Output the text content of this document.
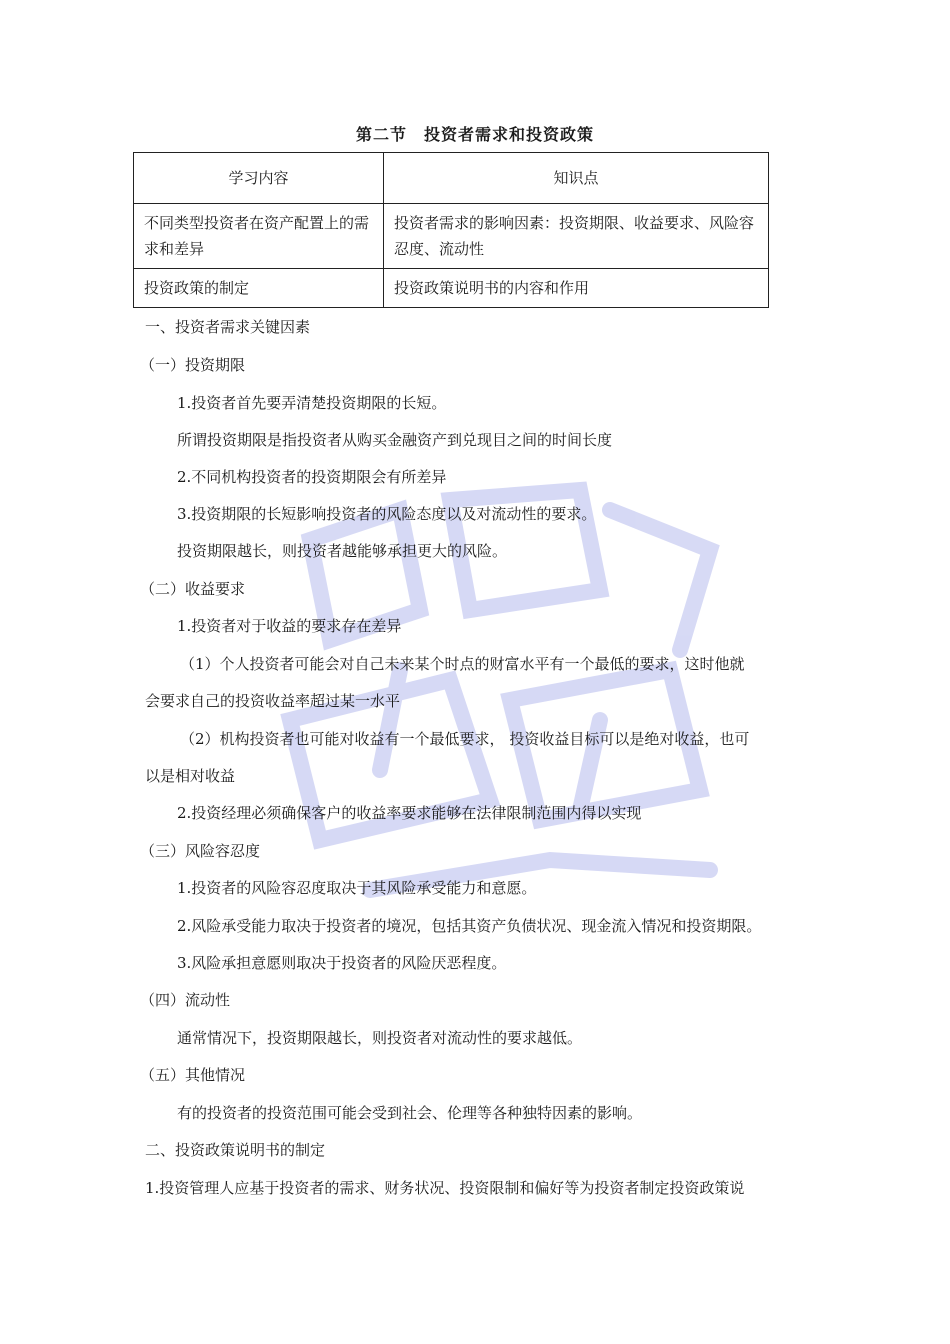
第二节　投资者需求和投资政策
学习内容	知识点
不同类型投资者在资产配置上的需求和差异	投资者需求的影响因素：投资期限、收益要求、风险容忍度、流动性
投资政策的制定	投资政策说明书的内容和作用
一、投资者需求关键因素
（一）投资期限
1.投资者首先要弄清楚投资期限的长短。
所谓投资期限是指投资者从购买金融资产到兑现目之间的时间长度
2.不同机构投资者的投资期限会有所差异
3.投资期限的长短影响投资者的风险态度以及对流动性的要求。
投资期限越长，则投资者越能够承担更大的风险。
（二）收益要求
1.投资者对于收益的要求存在差异
（1）个人投资者可能会对自己未来某个时点的财富水平有一个最低的要求，这时他就
会要求自己的投资收益率超过某一水平
（2）机构投资者也可能对收益有一个最低要求， 投资收益目标可以是绝对收益，也可
以是相对收益
2.投资经理必须确保客户的收益率要求能够在法律限制范围内得以实现
（三）风险容忍度
1.投资者的风险容忍度取决于其风险承受能力和意愿。
2.风险承受能力取决于投资者的境况，包括其资产负债状况、现金流入情况和投资期限。
3.风险承担意愿则取决于投资者的风险厌恶程度。
（四）流动性
通常情况下，投资期限越长，则投资者对流动性的要求越低。
（五）其他情况
有的投资者的投资范围可能会受到社会、伦理等各种独特因素的影响。
二、投资政策说明书的制定
1.投资管理人应基于投资者的需求、财务状况、投资限制和偏好等为投资者制定投资政策说
